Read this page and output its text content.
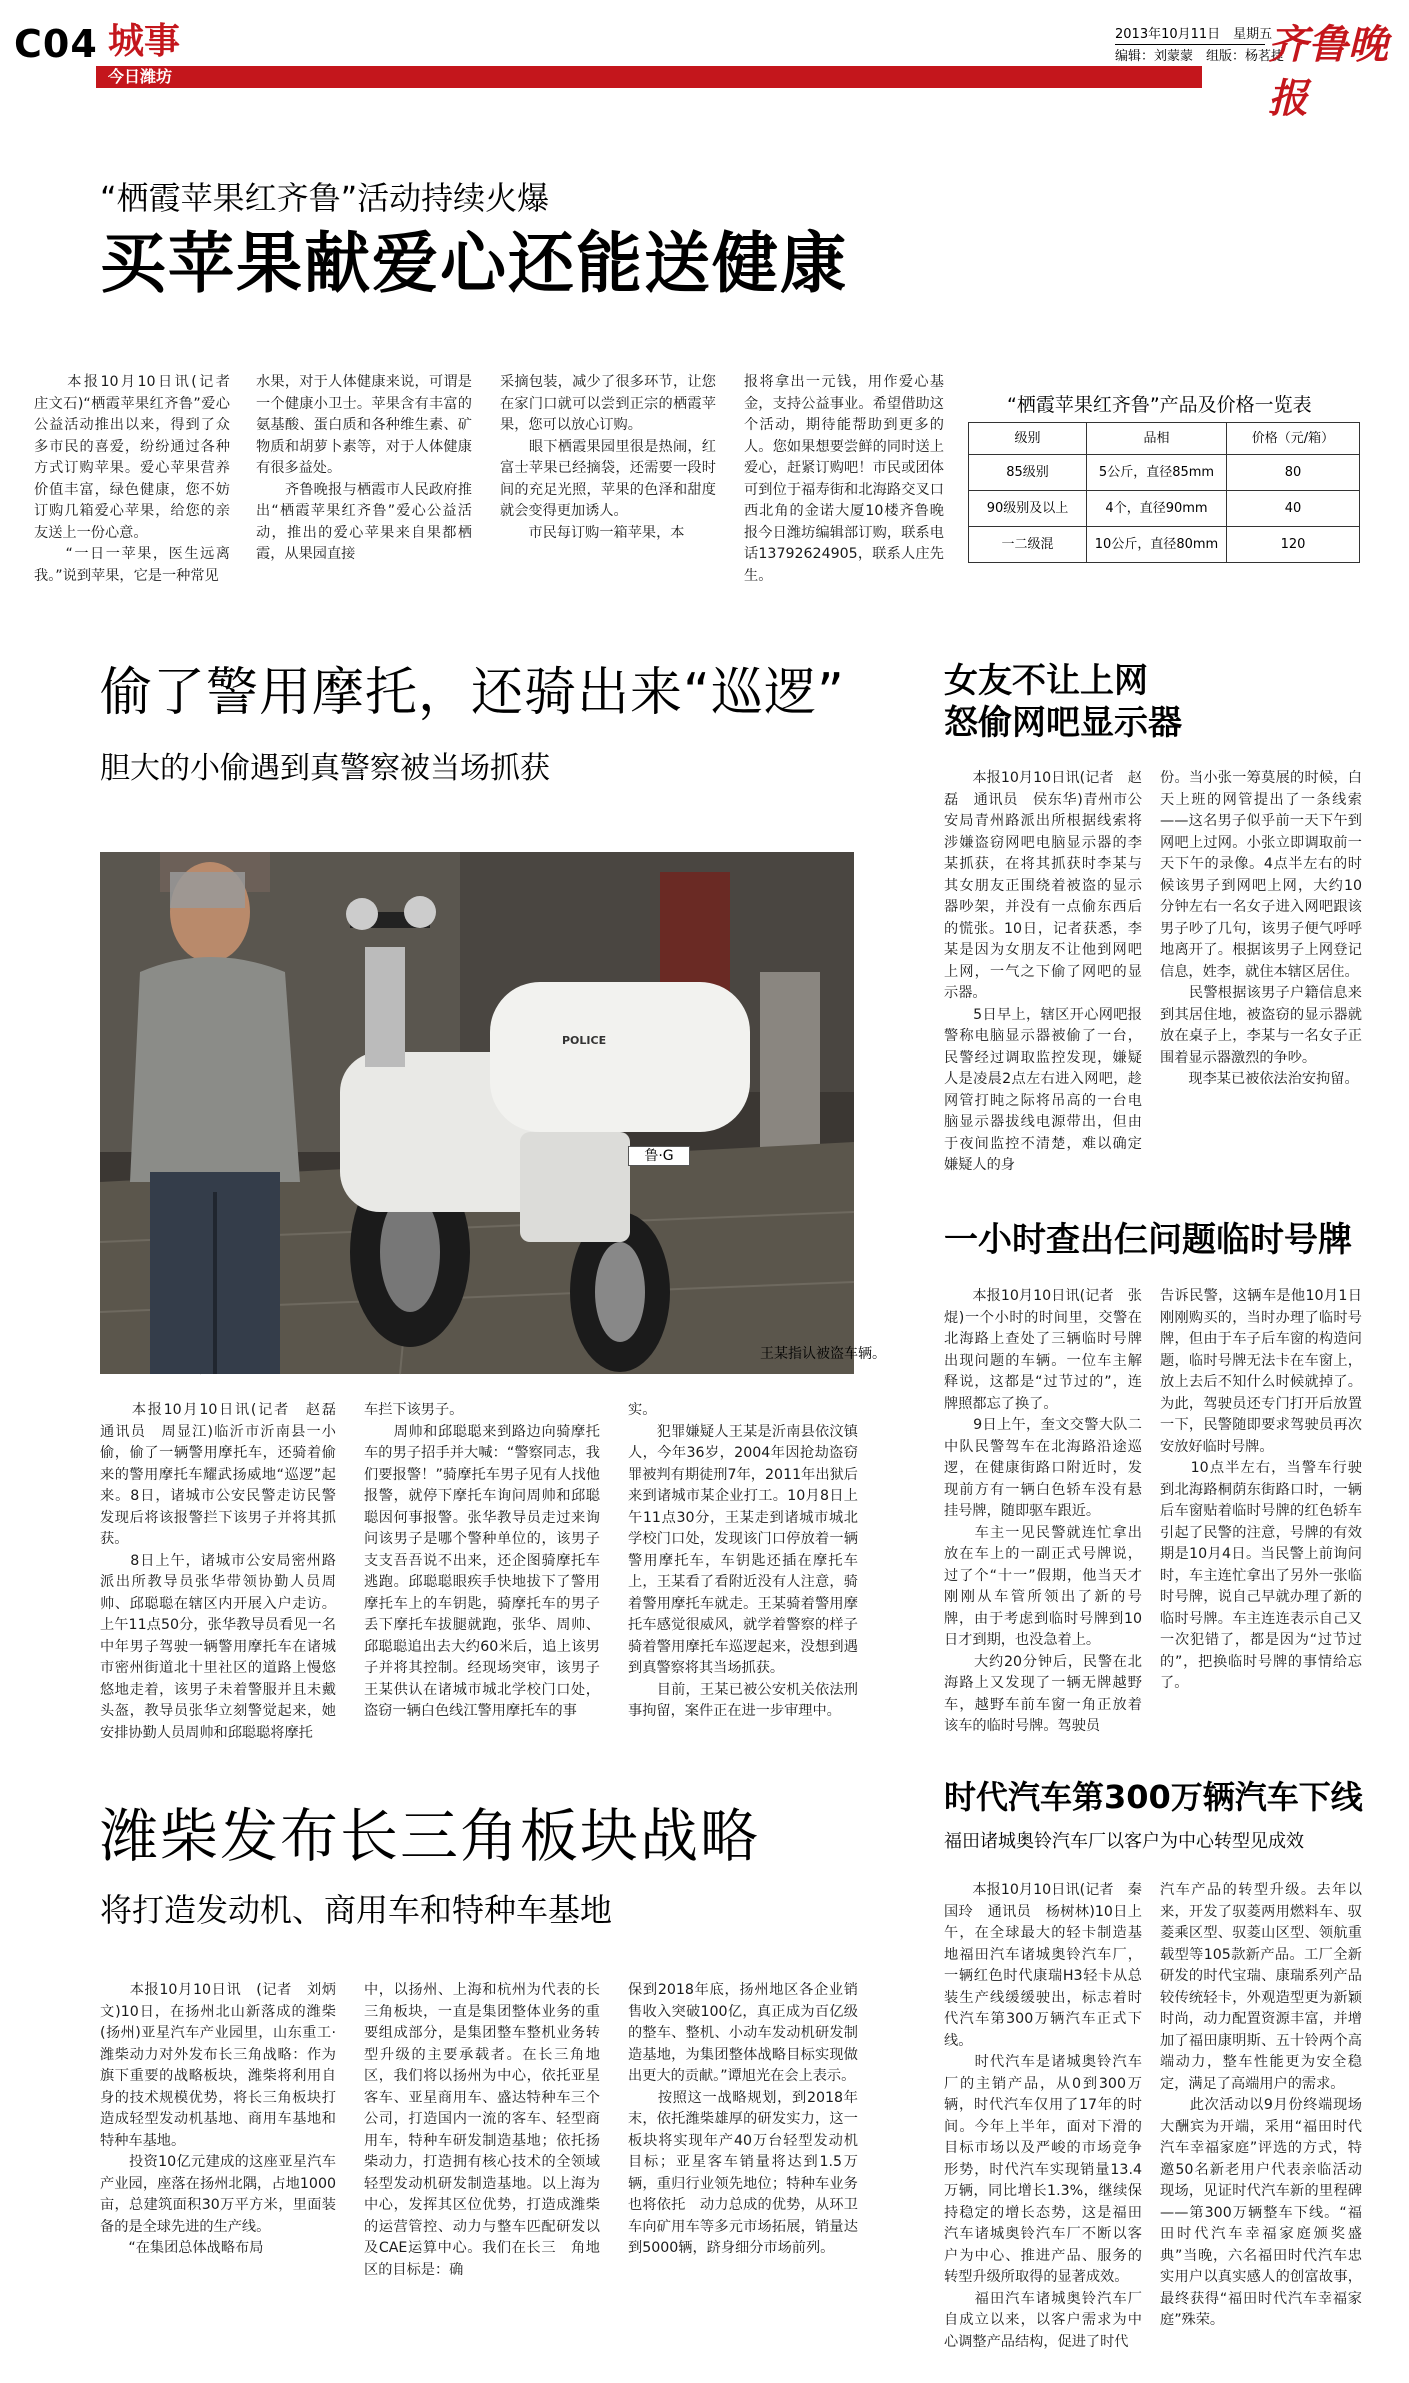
C04 城事
今日潍坊
2013年10月11日　星期五
编辑：刘蒙蒙　组版：杨茗捷
齐鲁晚报
“栖霞苹果红齐鲁”活动持续火爆
买苹果献爱心还能送健康
　　本报10月10日讯(记者　庄文石)“栖霞苹果红齐鲁”爱心公益活动推出以来，得到了众多市民的喜爱，纷纷通过各种方式订购苹果。爱心苹果营养价值丰富，绿色健康，您不妨订购几箱爱心苹果，给您的亲友送上一份心意。
　　“一日一苹果，医生远离我。”说到苹果，它是一种常见
水果，对于人体健康来说，可谓是一个健康小卫士。苹果含有丰富的氨基酸、蛋白质和各种维生素、矿物质和胡萝卜素等，对于人体健康有很多益处。
　　齐鲁晚报与栖霞市人民政府推出“栖霞苹果红齐鲁”爱心公益活动，推出的爱心苹果来自果都栖霞，从果园直接
采摘包装，减少了很多环节，让您在家门口就可以尝到正宗的栖霞苹果，您可以放心订购。
　　眼下栖霞果园里很是热闹，红富士苹果已经摘袋，还需要一段时间的充足光照，苹果的色泽和甜度就会变得更加诱人。
　　市民每订购一箱苹果，本
报将拿出一元钱，用作爱心基金，支持公益事业。希望借助这个活动，期待能帮助到更多的人。您如果想要尝鲜的同时送上爱心，赶紧订购吧！市民或团体可到位于福寿街和北海路交叉口西北角的金诺大厦10楼齐鲁晚报今日潍坊编辑部订购，联系电话13792624905，联系人庄先生。
“栖霞苹果红齐鲁”产品及价格一览表
级别	品相	价格（元/箱）
85级别	5公斤，直径85mm	80
90级别及以上	4个，直径90mm	40
一二级混	10公斤，直径80mm	120
偷了警用摩托，还骑出来“巡逻”
胆大的小偷遇到真警察被当场抓获
鲁·G
POLICE
王某指认被盗车辆。
　　本报10月10日讯(记者　赵磊　通讯员　周显江)临沂市沂南县一小偷，偷了一辆警用摩托车，还骑着偷来的警用摩托车耀武扬威地“巡逻”起来。8日，诸城市公安民警走访民警发现后将该报警拦下该男子并将其抓获。
　　8日上午，诸城市公安局密州路派出所教导员张华带领协勤人员周帅、邱聪聪在辖区内开展入户走访。上午11点50分，张华教导员看见一名中年男子驾驶一辆警用摩托车在诸城市密州街道北十里社区的道路上慢悠悠地走着，该男子未着警服并且未戴头盔，教导员张华立刻警觉起来，她安排协勤人员周帅和邱聪聪将摩托
车拦下该男子。
　　周帅和邱聪聪来到路边向骑摩托车的男子招手并大喊：“警察同志，我们要报警！”骑摩托车男子见有人找他报警，就停下摩托车询问周帅和邱聪聪因何事报警。张华教导员走过来询问该男子是哪个警种单位的，该男子支支吾吾说不出来，还企图骑摩托车逃跑。邱聪聪眼疾手快地拔下了警用摩托车上的车钥匙，骑摩托车的男子丢下摩托车拔腿就跑，张华、周帅、邱聪聪追出去大约60米后，追上该男子并将其控制。经现场突审，该男子王某供认在诸城市城北学校门口处，盗窃一辆白色线江警用摩托车的事
实。
　　犯罪嫌疑人王某是沂南县依汶镇人，今年36岁，2004年因抢劫盗窃罪被判有期徒刑7年，2011年出狱后来到诸城市某企业打工。10月8日上午11点30分，王某走到诸城市城北学校门口处，发现该门口停放着一辆警用摩托车，车钥匙还插在摩托车上，王某看了看附近没有人注意，骑着警用摩托车就走。王某骑着警用摩托车感觉很威风，就学着警察的样子骑着警用摩托车巡逻起来，没想到遇到真警察将其当场抓获。
　　目前，王某已被公安机关依法刑事拘留，案件正在进一步审理中。
女友不让上网
怒偷网吧显示器
　　本报10月10日讯(记者　赵磊　通讯员　侯东华)青州市公安局青州路派出所根据线索将涉嫌盗窃网吧电脑显示器的李某抓获，在将其抓获时李某与其女朋友正围绕着被盗的显示器吵架，并没有一点偷东西后的慌张。10日，记者获悉，李某是因为女朋友不让他到网吧上网，一气之下偷了网吧的显示器。
　　5日早上，辖区开心网吧报警称电脑显示器被偷了一台，民警经过调取监控发现，嫌疑人是凌晨2点左右进入网吧，趁网管打盹之际将吊高的一台电脑显示器拔线电源带出，但由于夜间监控不清楚，难以确定嫌疑人的身
份。当小张一筹莫展的时候，白天上班的网管提出了一条线索——这名男子似乎前一天下午到网吧上过网。小张立即调取前一天下午的录像。4点半左右的时候该男子到网吧上网，大约10分钟左右一名女子进入网吧跟该男子吵了几句，该男子便气呼呼地离开了。根据该男子上网登记信息，姓李，就住本辖区居住。
　　民警根据该男子户籍信息来到其居住地，被盗窃的显示器就放在桌子上，李某与一名女子正围着显示器激烈的争吵。
　　现李某已被依法治安拘留。
一小时查出仨问题临时号牌
　　本报10月10日讯(记者　张焜)一个小时的时间里，交警在北海路上查处了三辆临时号牌出现问题的车辆。一位车主解释说，这都是“过节过的”，连牌照都忘了换了。
　　9日上午，奎文交警大队二中队民警驾车在北海路沿途巡逻，在健康街路口附近时，发现前方有一辆白色轿车没有悬挂号牌，随即驱车跟近。
　　车主一见民警就连忙拿出放在车上的一副正式号牌说，过了个“十一”假期，他当天才刚刚从车管所领出了新的号牌，由于考虑到临时号牌到10日才到期，也没急着上。
　　大约20分钟后，民警在北海路上又发现了一辆无牌越野车，越野车前车窗一角正放着该车的临时号牌。驾驶员
告诉民警，这辆车是他10月1日刚刚购买的，当时办理了临时号牌，但由于车子后车窗的构造问题，临时号牌无法卡在车窗上，放上去后不知什么时候就掉了。为此，驾驶员还专门打开后放置一下，民警随即要求驾驶员再次安放好临时号牌。
　　10点半左右，当警车行驶到北海路桐荫东街路口时，一辆后车窗贴着临时号牌的红色轿车引起了民警的注意，号牌的有效期是10月4日。当民警上前询问时，车主连忙拿出了另外一张临时号牌，说自己早就办理了新的临时号牌。车主连连表示自己又一次犯错了，都是因为“过节过的”，把换临时号牌的事情给忘了。
潍柴发布长三角板块战略
将打造发动机、商用车和特种车基地
　　本报10月10日讯　(记者　刘炳文)10日，在扬州北山新落成的潍柴(扬州)亚星汽车产业园里，山东重工·潍柴动力对外发布长三角战略：作为旗下重要的战略板块，潍柴将利用自身的技术规模优势，将长三角板块打造成轻型发动机基地、商用车基地和特种车基地。
　　投资10亿元建成的这座亚星汽车产业园，座落在扬州北隅，占地1000亩，总建筑面积30万平方米，里面装备的是全球先进的生产线。
　　“在集团总体战略布局
中，以扬州、上海和杭州为代表的长三角板块，一直是集团整体业务的重要组成部分，是集团整车整机业务转型升级的主要承载者。在长三角地区，我们将以扬州为中心，依托亚星客车、亚星商用车、盛达特种车三个公司，打造国内一流的客车、轻型商用车，特种车研发制造基地；依托扬柴动力，打造拥有核心技术的全领域轻型发动机研发制造基地。以上海为中心，发挥其区位优势，打造成潍柴的运营管控、动力与整车匹配研发以及CAE运算中心。我们在长三　角地区的目标是：确
保到2018年底，扬州地区各企业销售收入突破100亿，真正成为百亿级的整车、整机、小动车发动机研发制造基地，为集团整体战略目标实现做出更大的贡献。”谭旭光在会上表示。
　　按照这一战略规划，到2018年末，依托潍柴雄厚的研发实力，这一板块将实现年产40万台轻型发动机目标；亚星客车销量将达到1.5万辆，重归行业领先地位；特种车业务也将依托　动力总成的优势，从环卫车向矿用车等多元市场拓展，销量达到5000辆，跻身细分市场前列。
时代汽车第300万辆汽车下线
福田诸城奥铃汽车厂以客户为中心转型见成效
　　本报10月10日讯(记者　秦国玲　通讯员　杨树林)10日上午，在全球最大的轻卡制造基地福田汽车诸城奥铃汽车厂，一辆红色时代康瑞H3轻卡从总装生产线缓缓驶出，标志着时代汽车第300万辆汽车正式下线。
　　时代汽车是诸城奥铃汽车厂的主销产品，从0到300万辆，时代汽车仅用了17年的时间。今年上半年，面对下滑的目标市场以及严峻的市场竞争形势，时代汽车实现销量13.4万辆，同比增长1.3%，继续保持稳定的增长态势，这是福田汽车诸城奥铃汽车厂不断以客户为中心、推进产品、服务的转型升级所取得的显著成效。
　　福田汽车诸城奥铃汽车厂自成立以来，以客户需求为中心调整产品结构，促进了时代
汽车产品的转型升级。去年以来，开发了驭菱两用燃料车、驭菱乘区型、驭菱山区型、领航重载型等105款新产品。工厂全新研发的时代宝瑞、康瑞系列产品较传统轻卡，外观造型更为新颖时尚，动力配置资源丰富，并增加了福田康明斯、五十铃两个高端动力，整车性能更为安全稳定，满足了高端用户的需求。
　　此次活动以9月份终端现场大酬宾为开端，采用“福田时代汽车幸福家庭”评选的方式，特邀50名新老用户代表亲临活动现场，见证时代汽车新的里程碑——第300万辆整车下线。“福田时代汽车幸福家庭颁奖盛典”当晚，六名福田时代汽车忠实用户以真实感人的创富故事，最终获得“福田时代汽车幸福家庭”殊荣。
